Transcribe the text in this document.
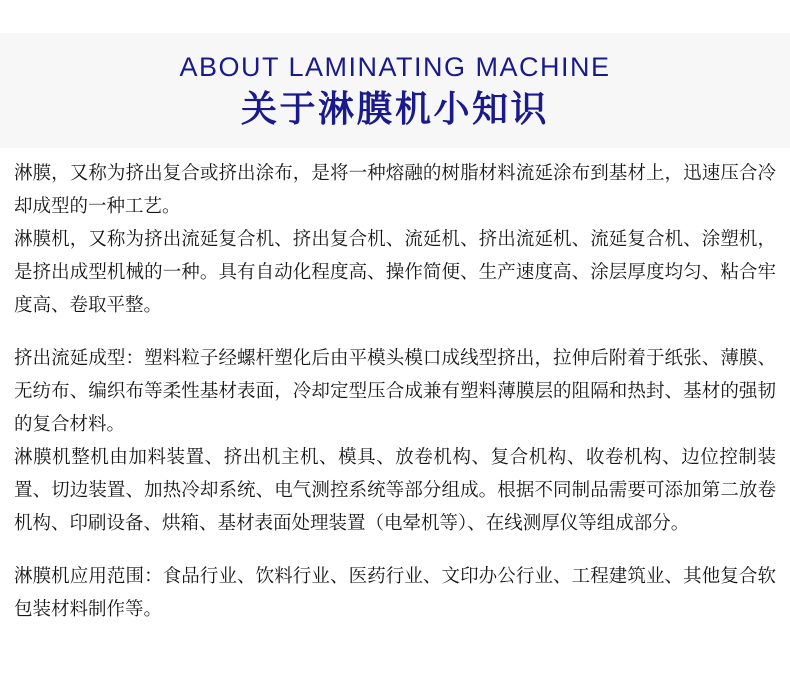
ABOUT LAMINATING MACHINE
关于淋膜机小知识

淋膜，又称为挤出复合或挤出涂布，是将一种熔融的树脂材料流延涂布到基材上，迅速压合冷却成型的一种工艺。

淋膜机，又称为挤出流延复合机、挤出复合机、流延机、挤出流延机、流延复合机、涂塑机，是挤出成型机械的一种。具有自动化程度高、操作简便、生产速度高、涂层厚度均匀、粘合牢度高、卷取平整。

挤出流延成型：塑料粒子经螺杆塑化后由平模头模口成线型挤出，拉伸后附着于纸张、薄膜、无纺布、编织布等柔性基材表面，冷却定型压合成兼有塑料薄膜层的阻隔和热封、基材的强韧的复合材料。

淋膜机整机由加料装置、挤出机主机、模具、放卷机构、复合机构、收卷机构、边位控制装置、切边装置、加热冷却系统、电气测控系统等部分组成。根据不同制品需要可添加第二放卷机构、印刷设备、烘箱、基材表面处理装置（电晕机等）、在线测厚仪等组成部分。

淋膜机应用范围：食品行业、饮料行业、医药行业、文印办公行业、工程建筑业、其他复合软包装材料制作等。
